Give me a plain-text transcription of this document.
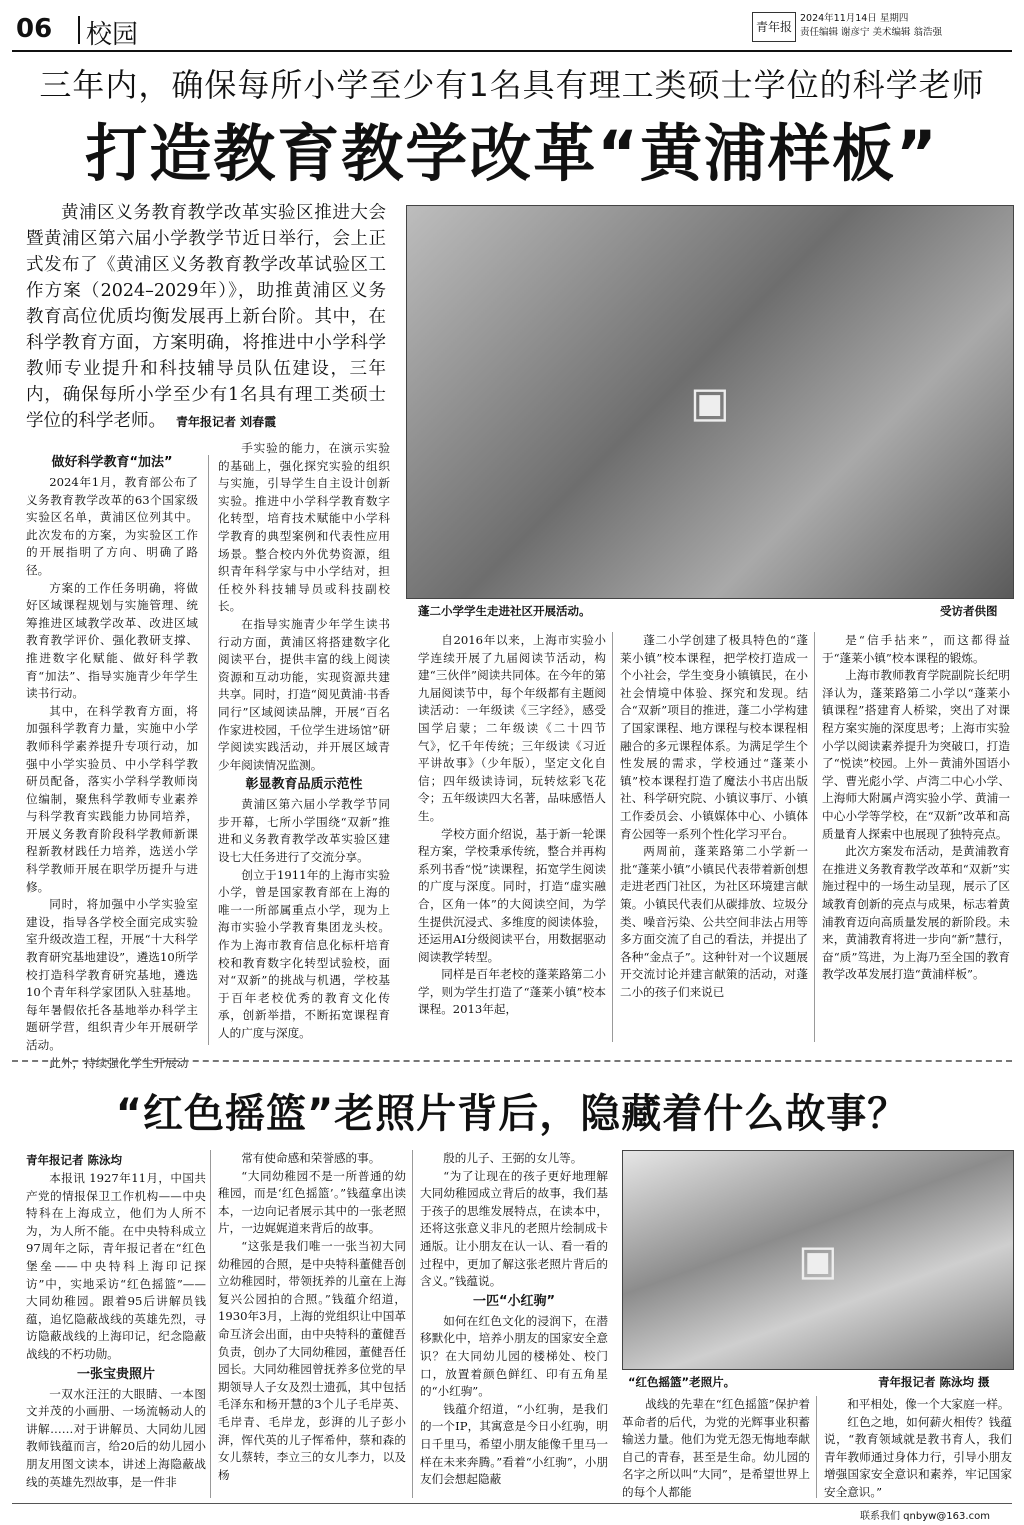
06 校园	青年报
2024年11月14日 星期四
责任编辑 谢彦宁 美术编辑 翁浩强
三年内，确保每所小学至少有1名具有理工类硕士学位的科学老师
打造教育教学改革“黄浦样板”
黄浦区义务教育教学改革实验区推进大会暨黄浦区第六届小学教学节近日举行，会上正式发布了《黄浦区义务教育教学改革试验区工作方案（2024–2029年）》，助推黄浦区义务教育高位优质均衡发展再上新台阶。其中，在科学教育方面，方案明确，将推进中小学科学教师专业提升和科技辅导员队伍建设，三年内，确保每所小学至少有1名具有理工类硕士学位的科学老师。 青年报记者 刘春霞	▣
蓬二小学学生走进社区开展活动。	受访者供图
做好科学教育“加法”

2024年1月，教育部公布了义务教育教学改革的63个国家级实验区名单，黄浦区位列其中。此次发布的方案，为实验区工作的开展指明了方向、明确了路径。

方案的工作任务明确，将做好区域课程规划与实施管理、统筹推进区域教学改革、改进区域教育教学评价、强化教研支撑、推进数字化赋能、做好科学教育“加法”、指导实施青少年学生读书行动。

其中，在科学教育方面，将加强科学教育力量，实施中小学教师科学素养提升专项行动，加强中小学实验员、中小学科学教研员配备，落实小学科学教师岗位编制，聚焦科学教师专业素养与科学教育实践能力协同培养，开展义务教育阶段科学教师新课程新教材践任力培养，选送小学科学教师开展在职学历提升与进修。

同时，将加强中小学实验室建设，指导各学校全面完成实验室升级改造工程，开展“十大科学教育研究基地建设”，遴选10所学校打造科学教育研究基地，遴选10个青年科学家团队入驻基地。每年暑假依托各基地举办科学主题研学营，组织青少年开展研学活动。

此外，持续强化学生开展动

手实验的能力，在演示实验的基础上，强化探究实验的组织与实施，引导学生自主设计创新实验。推进中小学科学教育数字化转型，培育技术赋能中小学科学教育的典型案例和代表性应用场景。整合校内外优势资源，组织青年科学家与中小学结对，担任校外科技辅导员或科技副校长。

在指导实施青少年学生读书行动方面，黄浦区将搭建数字化阅读平台，提供丰富的线上阅读资源和互动功能，实现资源共建共享。同时，打造“阅见黄浦·书香同行”区域阅读品牌，开展“百名作家进校园，千位学生进场馆”研学阅读实践活动，并开展区域青少年阅读情况监测。

彰显教育品质示范性

黄浦区第六届小学教学节同步开幕，七所小学围绕“双新”推进和义务教育教学改革实验区建设七大任务进行了交流分享。

创立于1911年的上海市实验小学，曾是国家教育部在上海的唯一一所部属重点小学，现为上海市实验小学教育集团龙头校。作为上海市教育信息化标杆培育校和教育数字化转型试验校，面对“双新”的挑战与机遇，学校基于百年老校优秀的教育文化传承，创新举措，不断拓宽课程育人的广度与深度。

自2016年以来，上海市实验小学连续开展了九届阅读节活动，构建“三伙伴”阅读共同体。在今年的第九届阅读节中，每个年级都有主题阅读活动：一年级读《三字经》，感受国学启蒙；二年级读《二十四节气》，忆千年传统；三年级读《习近平讲故事》（少年版），坚定文化自信；四年级读诗词，玩转炫彩飞花令；五年级读四大名著，品味感悟人生。

学校方面介绍说，基于新一轮课程方案，学校秉承传统，整合并再构系列书香“悦”读课程，拓宽学生阅读的广度与深度。同时，打造“虚实融合，区角一体”的大阅读空间，为学生提供沉浸式、多维度的阅读体验，还运用AI分级阅读平台，用数据驱动阅读教学转型。

同样是百年老校的蓬莱路第二小学，则为学生打造了“蓬莱小镇”校本课程。2013年起，

蓬二小学创建了极具特色的“蓬莱小镇”校本课程，把学校打造成一个小社会，学生变身小镇镇民，在小社会情境中体验、探究和发现。结合“双新”项目的推进，蓬二小学构建了国家课程、地方课程与校本课程相融合的多元课程体系。为满足学生个性发展的需求，学校通过“蓬莱小镇”校本课程打造了魔法小书店出版社、科学研究院、小镇议事厅、小镇工作委员会、小镇媒体中心、小镇体育公园等一系列个性化学习平台。

两周前，蓬莱路第二小学新一批“蓬莱小镇”小镇民代表带着新创想走进老西门社区，为社区环境建言献策。小镇民代表们从碳排放、垃圾分类、噪音污染、公共空间非法占用等多方面交流了自己的看法，并提出了各种“金点子”。这种针对一个议题展开交流讨论并建言献策的活动，对蓬二小的孩子们来说已

是“信手拈来”，而这都得益于“蓬莱小镇”校本课程的锻炼。

上海市教师教育学院副院长纪明泽认为，蓬莱路第二小学以“蓬莱小镇课程”搭建育人桥梁，突出了对课程方案实施的深度思考；上海市实验小学以阅读素养提升为突破口，打造了“悦读”校园。上外－黄浦外国语小学、曹光彪小学、卢湾二中心小学、上海师大附属卢湾实验小学、黄浦一中心小学等学校，在“双新”改革和高质量育人探索中也展现了独特亮点。

此次方案发布活动，是黄浦教育在推进义务教育教学改革和“双新”实施过程中的一场生动呈现，展示了区域教育创新的亮点与成果，标志着黄浦教育迈向高质量发展的新阶段。未来，黄浦教育将进一步向“新”慧行，奋“质”笃进，为上海乃至全国的教育教学改革发展打造“黄浦样板”。

“红色摇篮”老照片背后，隐藏着什么故事？
▣
“红色摇篮”老照片。	青年报记者 陈泳均 摄

青年报记者 陈泳均

本报讯 1927年11月，中国共产党的情报保卫工作机构——中央特科在上海成立，他们为人所不为，为人所不能。在中央特科成立97周年之际，青年报记者在“红色堡垒——中央特科上海印记探访”中，实地采访“红色摇篮”——大同幼稚园。跟着95后讲解员钱蕴，追忆隐蔽战线的英雄先烈，寻访隐蔽战线的上海印记，纪念隐蔽战线的不朽功勋。

一张宝贵照片

一双水汪汪的大眼睛、一本图文并茂的小画册、一场流畅动人的讲解……对于讲解员、大同幼儿园教师钱蕴而言，给20后的幼儿园小朋友用图文读本，讲述上海隐蔽战线的英雄先烈故事，是一件非

常有使命感和荣誉感的事。

“大同幼稚园不是一所普通的幼稚园，而是‘红色摇篮’。”钱蕴拿出读本，一边向记者展示其中的一张老照片，一边娓娓道来背后的故事。

“这张是我们唯一一张当初大同幼稚园的合照，是中央特科董健吾创立幼稚园时，带领抚养的儿童在上海复兴公园拍的合照。”钱蕴介绍道，1930年3月，上海的党组织让中国革命互济会出面，由中央特科的董健吾负责，创办了大同幼稚园，董健吾任园长。大同幼稚园曾抚养多位党的早期领导人子女及烈士遗孤，其中包括毛泽东和杨开慧的3个儿子毛岸英、毛岸青、毛岸龙，彭湃的儿子彭小湃，恽代英的儿子恽希仲，蔡和森的女儿蔡转，李立三的女儿李力，以及杨

殷的儿子、王弼的女儿等。

“为了让现在的孩子更好地理解大同幼稚园成立背后的故事，我们基于孩子的思维发展特点，在读本中，还将这张意义非凡的老照片绘制成卡通版。让小朋友在认一认、看一看的过程中，更加了解这张老照片背后的含义。”钱蕴说。

一匹“小红驹”

如何在红色文化的浸润下，在潜移默化中，培养小朋友的国家安全意识？在大同幼儿园的楼梯处、校门口，放置着颜色鲜红、印有五角星的“小红驹”。

钱蕴介绍道，“小红驹，是我们的一个IP，其寓意是今日小红驹，明日千里马，希望小朋友能像千里马一样在未来奔腾。”看着“小红驹”，小朋友们会想起隐蔽

战线的先辈在“红色摇篮”保护着革命者的后代，为党的光辉事业积蓄输送力量。他们为党无怨无悔地奉献自己的青春，甚至是生命。幼儿园的名字之所以叫“大同”，是希望世界上的每个人都能

和平相处，像一个大家庭一样。

红色之地，如何薪火相传？钱蕴说，“教育领域就是教书育人，我们青年教师通过身体力行，引导小朋友增强国家安全意识和素养，牢记国家安全意识。”

联系我们 qnbyw@163.com
